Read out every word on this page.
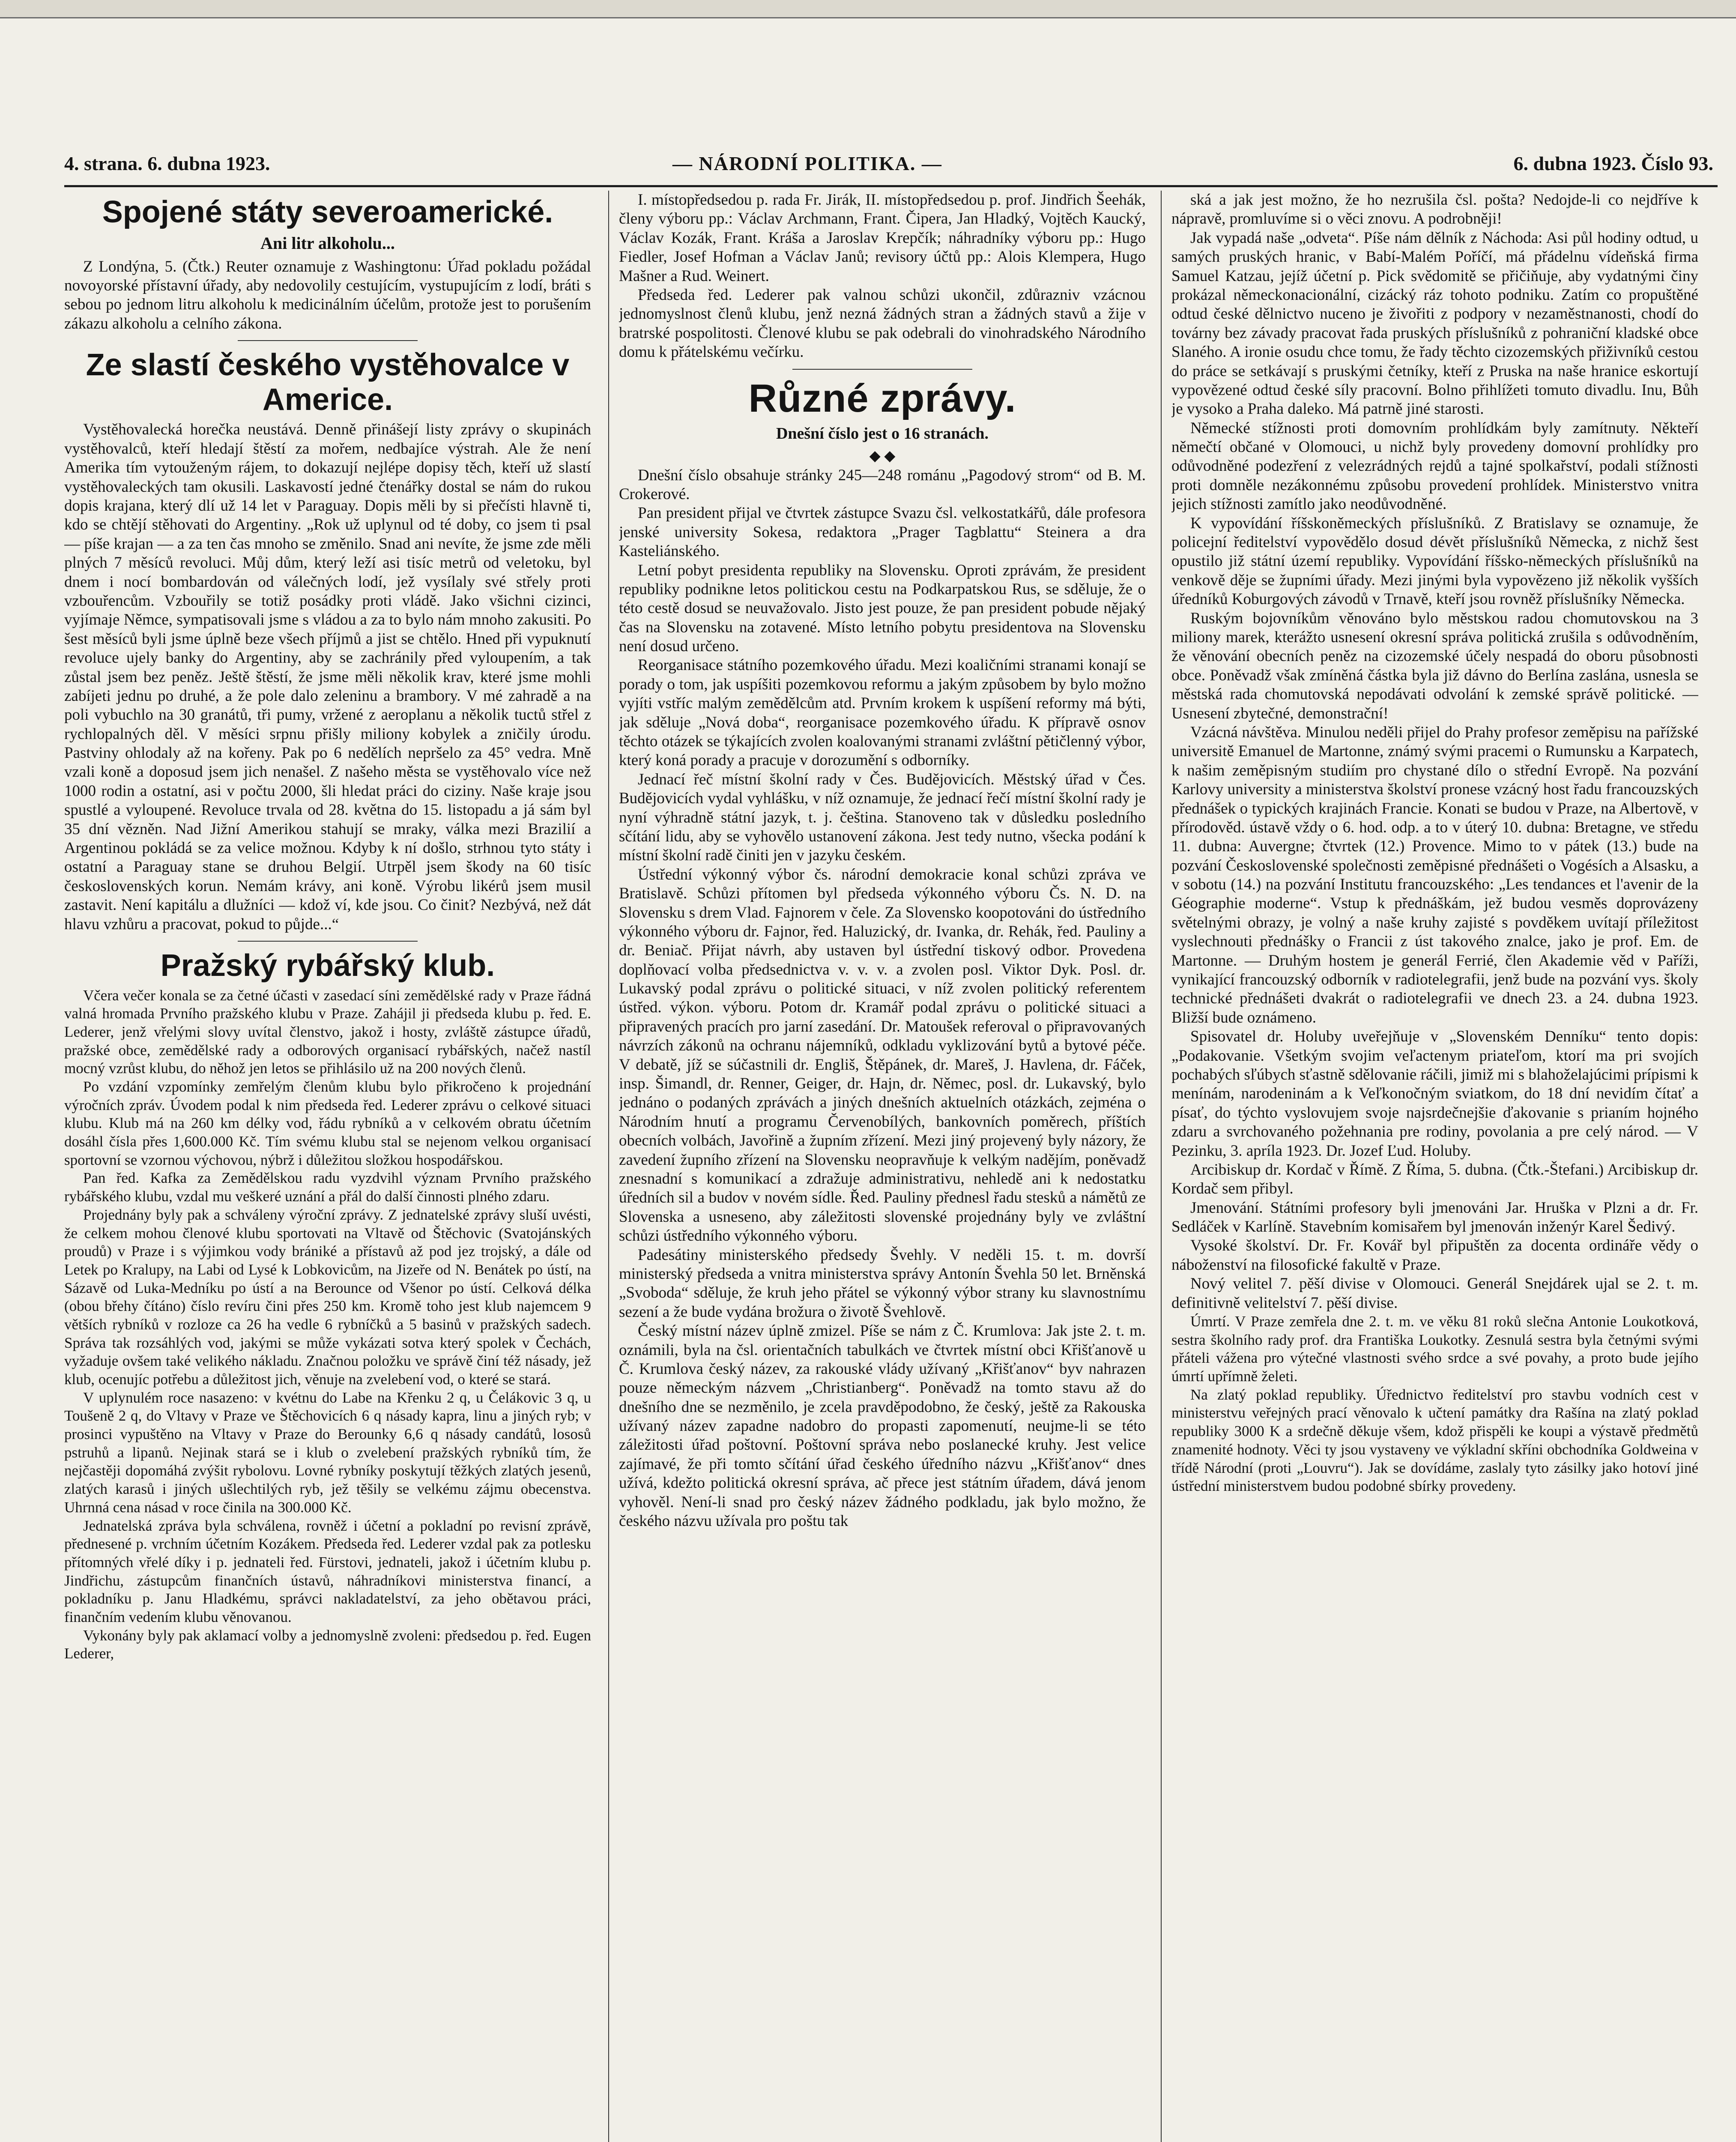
4. strana. 6. dubna 1923.	— NÁRODNÍ POLITIKA. —	6. dubna 1923. Číslo 93.
Spojené státy severoamerické.
Ani litr alkoholu...

Z Londýna, 5. (Čtk.) Reuter oznamuje z Washingtonu: Úřad pokladu požádal novoyorské přístavní úřady, aby nedovolily cestujícím, vystupujícím z lodí, bráti s sebou po jednom litru alkoholu k medicinálním účelům, protože jest to porušením zákazu alkoholu a celního zákona.

Ze slastí českého vystěhovalce v Americe.

Vystěhovalecká horečka neustává. Denně přinášejí listy zprávy o skupinách vystěhovalců, kteří hledají štěstí za mořem, nedbajíce výstrah. Ale že není Amerika tím vytouženým rájem, to dokazují nejlépe dopisy těch, kteří už slastí vystěhovaleckých tam okusili. Laskavostí jedné čtenářky dostal se nám do rukou dopis krajana, který dlí už 14 let v Paraguay. Dopis měli by si přečísti hlavně ti, kdo se chtějí stěhovati do Argentiny. „Rok už uplynul od té doby, co jsem ti psal — píše krajan — a za ten čas mnoho se změnilo. Snad ani nevíte, že jsme zde měli plných 7 měsíců revoluci. Můj dům, který leží asi tisíc metrů od veletoku, byl dnem i nocí bombardován od válečných lodí, jež vysílaly své střely proti vzbouřencům. Vzbouřily se totiž posádky proti vládě. Jako všichni cizinci, vyjímaje Němce, sympatisovali jsme s vládou a za to bylo nám mnoho zakusiti. Po šest měsíců byli jsme úplně beze všech příjmů a jist se chtělo. Hned při vypuknutí revoluce ujely banky do Argentiny, aby se zachránily před vyloupením, a tak zůstal jsem bez peněz. Ještě štěstí, že jsme měli několik krav, které jsme mohli zabíjeti jednu po druhé, a že pole dalo zeleninu a brambory. V mé zahradě a na poli vybuchlo na 30 granátů, tři pumy, vržené z aeroplanu a několik tuctů střel z rychlopalných děl. V měsíci srpnu přišly miliony kobylek a zničily úrodu. Pastviny ohlodaly až na kořeny. Pak po 6 nedělích nepršelo za 45° vedra. Mně vzali koně a doposud jsem jich nenašel. Z našeho města se vystěhovalo více než 1000 rodin a ostatní, asi v počtu 2000, šli hledat práci do ciziny. Naše kraje jsou spustlé a vyloupené. Revoluce trvala od 28. května do 15. listopadu a já sám byl 35 dní vězněn. Nad Jižní Amerikou stahují se mraky, válka mezi Brazilií a Argentinou pokládá se za velice možnou. Kdyby k ní došlo, strhnou tyto státy i ostatní a Paraguay stane se druhou Belgií. Utrpěl jsem škody na 60 tisíc československých korun. Nemám krávy, ani koně. Výrobu likérů jsem musil zastavit. Není kapitálu a dlužníci — kdož ví, kde jsou. Co činit? Nezbývá, než dát hlavu vzhůru a pracovat, pokud to půjde...“

Pražský rybářský klub.

Včera večer konala se za četné účasti v zasedací síni zemědělské rady v Praze řádná valná hromada Prvního pražského klubu v Praze. Zahájil ji předseda klubu p. řed. E. Lederer, jenž vřelými slovy uvítal členstvo, jakož i hosty, zvláště zástupce úřadů, pražské obce, zemědělské rady a odborových organisací rybářských, načež nastíl mocný vzrůst klubu, do něhož jen letos se přihlásilo už na 200 nových členů.

Po vzdání vzpomínky zemřelým členům klubu bylo přikročeno k projednání výročních zpráv. Úvodem podal k nim předseda řed. Lederer zprávu o celkové situaci klubu. Klub má na 260 km délky vod, řádu rybníků a v celkovém obratu účetním dosáhl čísla přes 1,600.000 Kč. Tím svému klubu stal se nejenom velkou organisací sportovní se vzornou výchovou, nýbrž i důležitou složkou hospodářskou.

Pan řed. Kafka za Zemědělskou radu vyzdvihl význam Prvního pražského rybářského klubu, vzdal mu veškeré uznání a přál do další činnosti plného zdaru.

Projednány byly pak a schváleny výroční zprávy. Z jednatelské zprávy sluší uvésti, že celkem mohou členové klubu sportovati na Vltavě od Štěchovic (Svatojánských proudů) v Praze i s výjimkou vody brániké a přístavů až pod jez trojský, a dále od Letek po Kralupy, na Labi od Lysé k Lobkovicům, na Jizeře od N. Benátek po ústí, na Sázavě od Luka-Medníku po ústí a na Berounce od Všenor po ústí. Celková délka (obou břehy čítáno) číslo revíru čini přes 250 km. Kromě toho jest klub najemcem 9 větších rybníků v rozloze ca 26 ha vedle 6 rybníčků a 5 basinů v pražských sadech. Správa tak rozsáhlých vod, jakými se může vykázati sotva který spolek v Čechách, vyžaduje ovšem také velikého nákladu. Značnou položku ve správě činí též násady, jež klub, ocenujíc potřebu a důležitost jich, věnuje na zvelebení vod, o které se stará.

V uplynulém roce nasazeno: v kvétnu do Labe na Křenku 2 q, u Čelákovic 3 q, u Toušeně 2 q, do Vltavy v Praze ve Štěchovicích 6 q násady kapra, linu a jiných ryb; v prosinci vypuštěno na Vltavy v Praze do Berounky 6,6 q násady candátů, lososů pstruhů a lipanů. Nejinak stará se i klub o zvelebení pražských rybníků tím, že nejčastěji dopomáhá zvýšit rybolovu. Lovné rybníky poskytují těžkých zlatých jesenů, zlatých karasů i jiných ušlechtilých ryb, jež těšily se velkému zájmu obecenstva. Uhrnná cena násad v roce činila na 300.000 Kč.

Jednatelská zpráva byla schválena, rovněž i účetní a pokladní po revisní zprávě, přednesené p. vrchním účetním Kozákem. Předseda řed. Lederer vzdal pak za potlesku přítomných vřelé díky i p. jednateli řed. Fürstovi, jednateli, jakož i účetním klubu p. Jindřichu, zástupcům finančních ústavů, náhradníkovi ministerstva financí, a pokladníku p. Janu Hladkému, správci nakladatelství, za jeho obětavou práci, finančním vedením klubu věnovanou.

Vykonány byly pak aklamací volby a jednomyslně zvoleni: předsedou p. řed. Eugen Lederer,

I. místopředsedou p. rada Fr. Jirák, II. místopředsedou p. prof. Jindřich Šeehák, členy výboru pp.: Václav Archmann, Frant. Čipera, Jan Hladký, Vojtěch Kaucký, Václav Kozák, Frant. Kráša a Jaroslav Krepčík; náhradníky výboru pp.: Hugo Fiedler, Josef Hofman a Václav Janů; revisory účtů pp.: Alois Klempera, Hugo Mašner a Rud. Weinert.

Předseda řed. Lederer pak valnou schůzi ukončil, zdůrazniv vzácnou jednomyslnost členů klubu, jenž nezná žádných stran a žádných stavů a žije v bratrské pospolitosti. Členové klubu se pak odebrali do vinohradského Národního domu k přátelskému večírku.

Různé zprávy.
Dnešní číslo jest o 16 stranách.
◆ ◆

Dnešní číslo obsahuje stránky 245—248 románu „Pagodový strom“ od B. M. Crokerové.

Pan president přijal ve čtvrtek zástupce Svazu čsl. velkostatkářů, dále profesora jenské university Sokesa, redaktora „Prager Tagblattu“ Steinera a dra Kasteliánského.

Letní pobyt presidenta republiky na Slovensku. Oproti zprávám, že president republiky podnikne letos politickou cestu na Podkarpatskou Rus, se sděluje, že o této cestě dosud se neuvažovalo. Jisto jest pouze, že pan president pobude nějaký čas na Slovensku na zotavené. Místo letního pobytu presidentova na Slovensku není dosud určeno.

Reorganisace státního pozemkového úřadu. Mezi koaličními stranami konají se porady o tom, jak uspíšiti pozemkovou reformu a jakým způsobem by bylo možno vyjíti vstříc malým zemědělcům atd. Prvním krokem k uspíšení reformy má býti, jak sděluje „Nová doba“, reorganisace pozemkového úřadu. K přípravě osnov těchto otázek se týkajících zvolen koalovanými stranami zvláštní pětičlenný výbor, který koná porady a pracuje v dorozumění s odborníky.

Jednací řeč místní školní rady v Čes. Budějovicích. Městský úřad v Čes. Budějovicích vydal vyhlášku, v níž oznamuje, že jednací řečí místní školní rady je nyní výhradně státní jazyk, t. j. čeština. Stanoveno tak v důsledku posledního sčítání lidu, aby se vyhovělo ustanovení zákona. Jest tedy nutno, všecka podání k místní školní radě činiti jen v jazyku českém.

Ústřední výkonný výbor čs. národní demokracie konal schůzi zpráva ve Bratislavě. Schůzi přítomen byl předseda výkonného výboru Čs. N. D. na Slovensku s drem Vlad. Fajnorem v čele. Za Slovensko koopotováni do ústředního výkonného výboru dr. Fajnor, řed. Haluzický, dr. Ivanka, dr. Rehák, řed. Pauliny a dr. Beniač. Přijat návrh, aby ustaven byl ústřední tiskový odbor. Provedena doplňovací volba předsednictva v. v. v. a zvolen posl. Viktor Dyk. Posl. dr. Lukavský podal zprávu o politické situaci, v níž zvolen politický referentem ústřed. výkon. výboru. Potom dr. Kramář podal zprávu o politické situaci a připravených pracích pro jarní zasedání. Dr. Matoušek referoval o připravovaných návrzích zákonů na ochranu nájemníků, odkladu vyklizování bytů a bytové péče. V debatě, jíž se súčastnili dr. Engliš, Štěpánek, dr. Mareš, J. Havlena, dr. Fáček, insp. Šimandl, dr. Renner, Geiger, dr. Hajn, dr. Němec, posl. dr. Lukavský, bylo jednáno o podaných zprávách a jiných dnešních aktuelních otázkách, zejména o Národním hnutí a programu Červenobílých, bankovních poměrech, příštích obecních volbách, Javořině a župním zřízení. Mezi jiný projevený byly názory, že zavedení župního zřízení na Slovensku neopravňuje k velkým nadějím, poněvadž znesnadní s komunikací a zdražuje administrativu, nehledě ani k nedostatku úředních sil a budov v novém sídle. Řed. Pauliny přednesl řadu stesků a námětů ze Slovenska a usneseno, aby záležitosti slovenské projednány byly ve zvláštní schůzi ústředního výkonného výboru.

Padesátiny ministerského předsedy Švehly. V neděli 15. t. m. dovrší ministerský předseda a vnitra ministerstva správy Antonín Švehla 50 let. Brněnská „Svoboda“ sděluje, že kruh jeho přátel se výkonný výbor strany ku slavnostnímu sezení a že bude vydána brožura o životě Švehlově.

Český místní název úplně zmizel. Píše se nám z Č. Krumlova: Jak jste 2. t. m. oznámili, byla na čsl. orientačních tabulkách ve čtvrtek místní obci Křišťanově u Č. Krumlova český název, za rakouské vlády užívaný „Křišťanov“ byv nahrazen pouze německým názvem „Christianberg“. Poněvadž na tomto stavu až do dnešního dne se nezměnilo, je zcela pravděpodobno, že český, ještě za Rakouska užívaný název zapadne nadobro do propasti zapomenutí, neujme-li se této záležitosti úřad poštovní. Poštovní správa nebo poslanecké kruhy. Jest velice zajímavé, že při tomto sčítání úřad českého úředního názvu „Křišťanov“ dnes užívá, kdežto politická okresní správa, ač přece jest státním úřadem, dává jenom vyhověl. Není-li snad pro český název žádného podkladu, jak bylo možno, že českého názvu užívala pro poštu tak

ská a jak jest možno, že ho nezrušila čsl. pošta? Nedojde-li co nejdříve k nápravě, promluvíme si o věci znovu. A podrobněji!

Jak vypadá naše „odveta“. Píše nám dělník z Náchoda: Asi půl hodiny odtud, u samých pruských hranic, v Babí-Malém Poříčí, má přádelnu vídeňská firma Samuel Katzau, jejíž účetní p. Pick svědomitě se přičiňuje, aby vydatnými činy prokázal německonacionální, cizácký ráz tohoto podniku. Zatím co propuštěné odtud české dělnictvo nuceno je živořiti z podpory v nezaměstnanosti, chodí do továrny bez závady pracovat řada pruských příslušníků z pohraniční kladské obce Slaného. A ironie osudu chce tomu, že řady těchto cizozemských přiživníků cestou do práce se setkávají s pruskými četníky, kteří z Pruska na naše hranice eskortují vypovězené odtud české síly pracovní. Bolno přihlížeti tomuto divadlu. Inu, Bůh je vysoko a Praha daleko. Má patrně jiné starosti.

Německé stížnosti proti domovním prohlídkám byly zamítnuty. Někteří němečtí občané v Olomouci, u nichž byly provedeny domovní prohlídky pro odůvodněné podezření z velezrádných rejdů a tajné spolkařství, podali stížnosti proti domněle nezákonnému způsobu provedení prohlídek. Ministerstvo vnitra jejich stížnosti zamítlo jako neodůvodněné.

K vypovídání říšskoněmeckých příslušníků. Z Bratislavy se oznamuje, že policejní ředitelství vypovědělo dosud dévět příslušníků Německa, z nichž šest opustilo již státní území republiky. Vypovídání říšsko-německých příslušníků na venkově děje se župními úřady. Mezi jinými byla vypovězeno již několik vyšších úředníků Koburgových závodů v Trnavě, kteří jsou rovněž příslušníky Německa.

Ruským bojovníkům věnováno bylo městskou radou chomutovskou na 3 miliony marek, kterážto usnesení okresní správa politická zrušila s odůvodněním, že věnování obecních peněz na cizozemské účely nespadá do oboru působnosti obce. Poněvadž však zmíněná částka byla již dávno do Berlína zaslána, usnesla se městská rada chomutovská nepodávati odvolání k zemské správě politické. — Usnesení zbytečné, demonstrační!

Vzácná návštěva. Minulou neděli přijel do Prahy profesor zeměpisu na pařížské universitě Emanuel de Martonne, známý svými pracemi o Rumunsku a Karpatech, k našim zeměpisným studiím pro chystané dílo o střední Evropě. Na pozvání Karlovy university a ministerstva školství pronese vzácný host řadu francouzských přednášek o typických krajinách Francie. Konati se budou v Praze, na Albertově, v přírodověd. ústavě vždy o 6. hod. odp. a to v úterý 10. dubna: Bretagne, ve středu 11. dubna: Auvergne; čtvrtek (12.) Provence. Mimo to v pátek (13.) bude na pozvání Československé společnosti zeměpisné přednášeti o Vogésích a Alsasku, a v sobotu (14.) na pozvání Institutu francouzského: „Les tendances et l'avenir de la Géographie moderne“. Vstup k přednáškám, jež budou vesměs doprovázeny světelnými obrazy, je volný a naše kruhy zajisté s povděkem uvítají příležitost vyslechnouti přednášky o Francii z úst takového znalce, jako je prof. Em. de Martonne. — Druhým hostem je generál Ferrié, člen Akademie věd v Paříži, vynikající francouzský odborník v radiotelegrafii, jenž bude na pozvání vys. školy technické přednášeti dvakrát o radiotelegrafii ve dnech 23. a 24. dubna 1923. Bližší bude oznámeno.

Spisovatel dr. Holuby uveřejňuje v „Slovenském Denníku“ tento dopis: „Podakovanie. Všetkým svojim veľactenym priateľom, ktorí ma pri svojích pochabých sľúbych sťastně sdělovanie ráčili, jimiž mi s blahoželajúcimi prípismi k menínám, narodeninám a k Veľkonočným sviatkom, do 18 dní nevidím čítať a písať, do týchto vyslovujem svoje najsrdečnejšie ďakovanie s prianím hojného zdaru a svrchovaného požehnania pre rodiny, povolania a pre celý národ. — V Pezinku, 3. apríla 1923. Dr. Jozef Ľud. Holuby.

Arcibiskup dr. Kordač v Římě. Z Říma, 5. dubna. (Čtk.-Štefani.) Arcibiskup dr. Kordač sem přibyl.

Jmenování. Státními profesory byli jmenováni Jar. Hruška v Plzni a dr. Fr. Sedláček v Karlíně. Stavebním komisařem byl jmenován inženýr Karel Šedivý.

Vysoké školství. Dr. Fr. Kovář byl připuštěn za docenta ordináře vědy o náboženství na filosofické fakultě v Praze.

Nový velitel 7. pěší divise v Olomouci. Generál Snejdárek ujal se 2. t. m. definitivně velitelství 7. pěší divise.

Úmrtí. V Praze zemřela dne 2. t. m. ve věku 81 roků slečna Antonie Loukotková, sestra školního rady prof. dra Františka Loukotky. Zesnulá sestra byla četnými svými přáteli vážena pro výtečné vlastnosti svého srdce a své povahy, a proto bude jejího úmrtí upřímně želeti.

Na zlatý poklad republiky. Úřednictvo ředitelství pro stavbu vodních cest v ministerstvu veřejných prací věnovalo k učtení památky dra Rašína na zlatý poklad republiky 3000 K a srdečně děkuje všem, kdož přispěli ke koupi a výstavě předmětů znamenité hodnoty. Věci ty jsou vystaveny ve výkladní skříni obchodníka Goldweina v třídě Národní (proti „Louvru“). Jak se dovídáme, zaslaly tyto zásilky jako hotoví jiné ústřední ministerstvem budou podobné sbírky provedeny.
